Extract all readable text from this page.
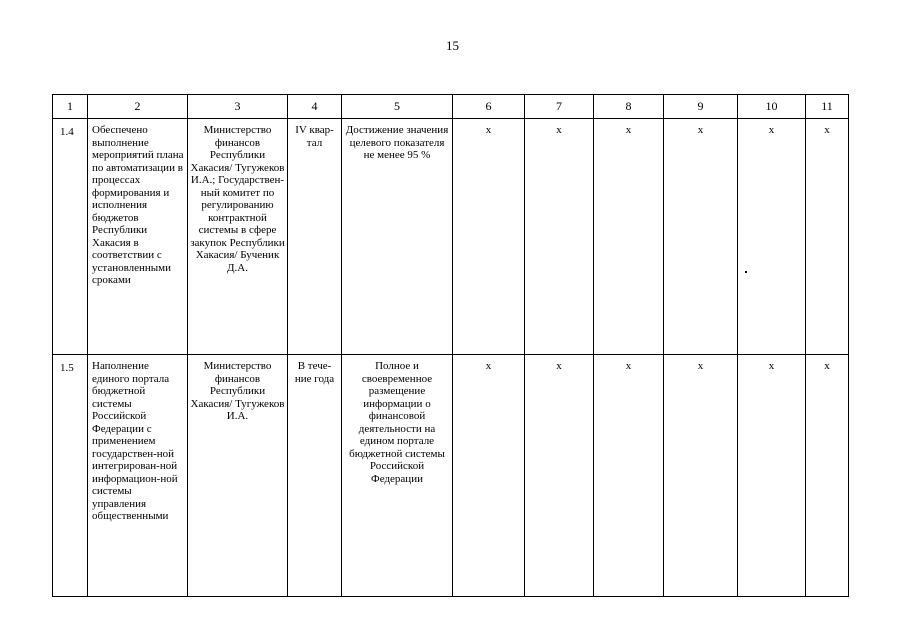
15
1	2	3	4	5	6	7	8	9	10	11
1.4	Обеспечено выполнение мероприятий плана по автоматизации в процессах формирования и исполнения бюджетов Республики Хакасия в соответствии с установленными сроками	Министерство финансов Республики Хакасия/ Тугужеков И.А.; Государствен-ный комитет по регулированию контрактной системы в сфере закупок Республики Хакасия/ Бученик Д.А.	IV квар-тал	Достижение значения целевого показателя не менее 95 %	х	х	х	х	х	х
1.5	Наполнение единого портала бюджетной системы Российской Федерации с применением государствен-ной интегрирован-ной информацион-ной системы управления общественными	Министерство финансов Республики Хакасия/ Тугужеков И.А.	В тече-ние года	Полное и своевременное размещение информации о финансовой деятельности на едином портале бюджетной системы Российской Федерации	х	х	х	х	х	х
